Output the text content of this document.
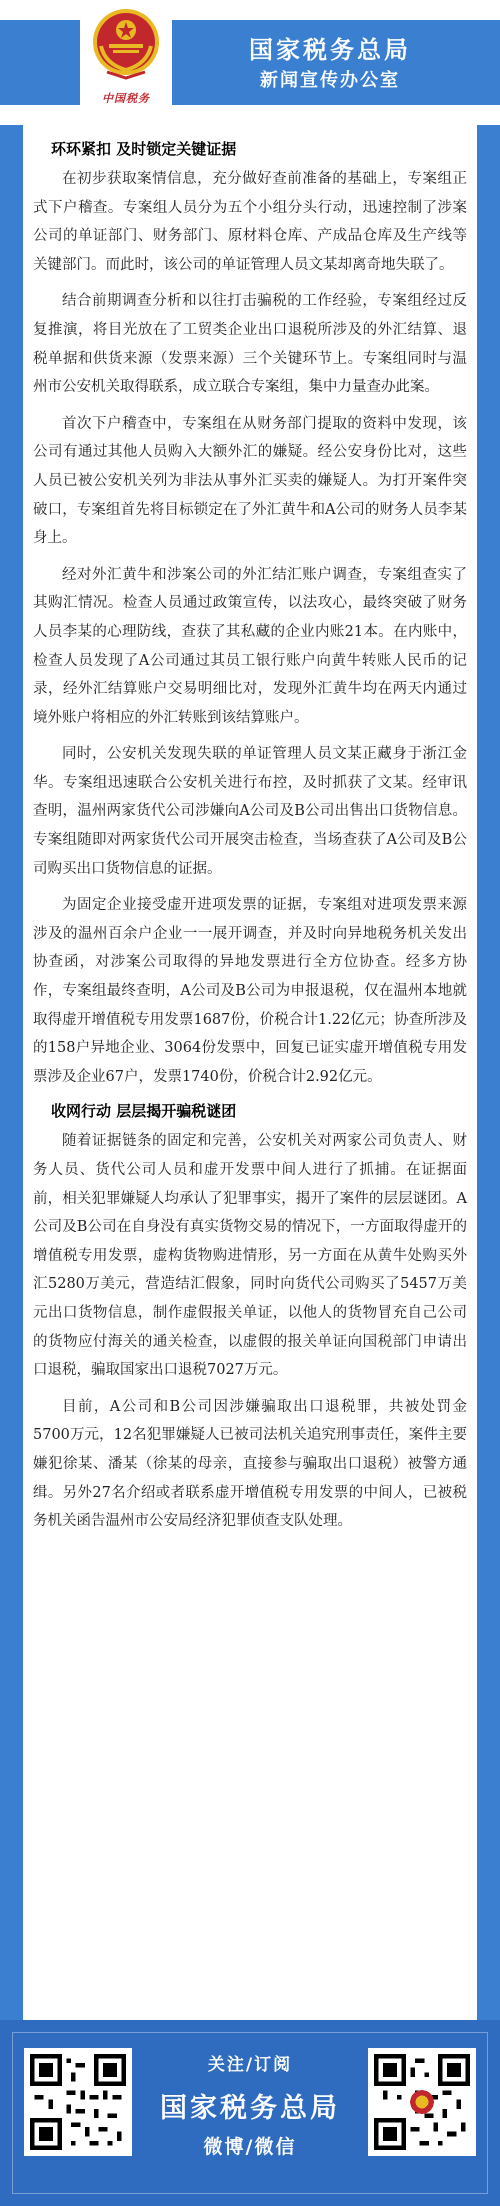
中国税务
国家税务总局
新闻宣传办公室
环环紧扣 及时锁定关键证据

在初步获取案情信息，充分做好查前准备的基础上，专案组正式下户稽查。专案组人员分为五个小组分头行动，迅速控制了涉案公司的单证部门、财务部门、原材料仓库、产成品仓库及生产线等关键部门。而此时，该公司的单证管理人员文某却离奇地失联了。

结合前期调查分析和以往打击骗税的工作经验，专案组经过反复推演，将目光放在了工贸类企业出口退税所涉及的外汇结算、退税单据和供货来源（发票来源）三个关键环节上。专案组同时与温州市公安机关取得联系，成立联合专案组，集中力量查办此案。

首次下户稽查中，专案组在从财务部门提取的资料中发现，该公司有通过其他人员购入大额外汇的嫌疑。经公安身份比对，这些人员已被公安机关列为非法从事外汇买卖的嫌疑人。为打开案件突破口，专案组首先将目标锁定在了外汇黄牛和A公司的财务人员李某身上。

经对外汇黄牛和涉案公司的外汇结汇账户调查，专案组查实了其购汇情况。检查人员通过政策宣传，以法攻心，最终突破了财务人员李某的心理防线，查获了其私藏的企业内账21本。在内账中，检查人员发现了A公司通过其员工银行账户向黄牛转账人民币的记录，经外汇结算账户交易明细比对，发现外汇黄牛均在两天内通过境外账户将相应的外汇转账到该结算账户。

同时，公安机关发现失联的单证管理人员文某正藏身于浙江金华。专案组迅速联合公安机关进行布控，及时抓获了文某。经审讯查明，温州两家货代公司涉嫌向A公司及B公司出售出口货物信息。专案组随即对两家货代公司开展突击检查，当场查获了A公司及B公司购买出口货物信息的证据。

为固定企业接受虚开进项发票的证据，专案组对进项发票来源涉及的温州百余户企业一一展开调查，并及时向异地税务机关发出协查函，对涉案公司取得的异地发票进行全方位协查。经多方协作，专案组最终查明，A公司及B公司为申报退税，仅在温州本地就取得虚开增值税专用发票1687份，价税合计1.22亿元；协查所涉及的158户异地企业、3064份发票中，回复已证实虚开增值税专用发票涉及企业67户，发票1740份，价税合计2.92亿元。

收网行动 层层揭开骗税谜团

随着证据链条的固定和完善，公安机关对两家公司负责人、财务人员、货代公司人员和虚开发票中间人进行了抓捕。在证据面前，相关犯罪嫌疑人均承认了犯罪事实，揭开了案件的层层谜团。A公司及B公司在自身没有真实货物交易的情况下，一方面取得虚开的增值税专用发票，虚构货物购进情形，另一方面在从黄牛处购买外汇5280万美元，营造结汇假象，同时向货代公司购买了5457万美元出口货物信息，制作虚假报关单证，以他人的货物冒充自己公司的货物应付海关的通关检查，以虚假的报关单证向国税部门申请出口退税，骗取国家出口退税7027万元。

目前，A公司和B公司因涉嫌骗取出口退税罪，共被处罚金5700万元，12名犯罪嫌疑人已被司法机关追究刑事责任，案件主要嫌犯徐某、潘某（徐某的母亲，直接参与骗取出口退税）被警方通缉。另外27名介绍或者联系虚开增值税专用发票的中间人，已被税务机关函告温州市公安局经济犯罪侦查支队处理。

关注/订阅
国家税务总局
微博/微信
